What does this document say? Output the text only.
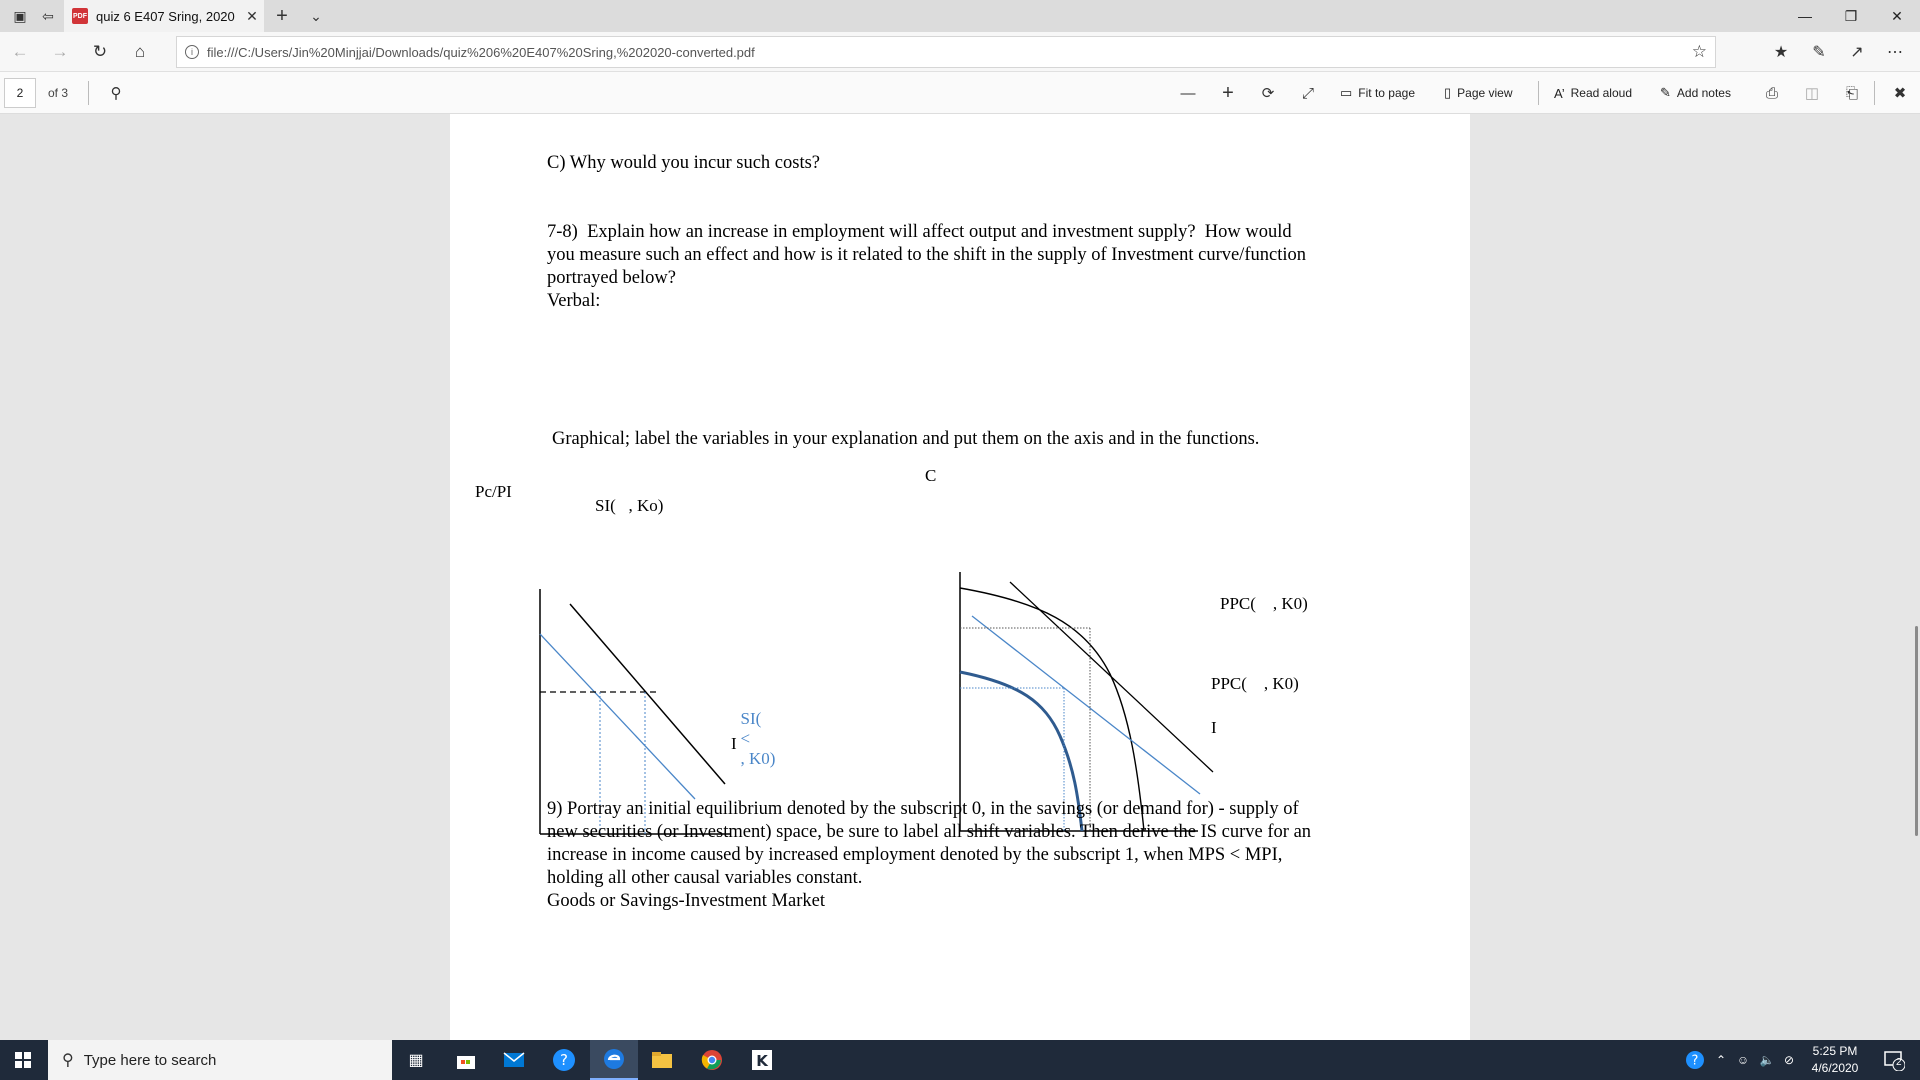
▣	⇦	PDF quiz 6 E407 Sring, 2020 ✕ +	⌄	—	❐	✕
←	→	↻	⌂	i	file:///C:/Users/Jin%20Minjjai/Downloads/quiz%206%20E407%20Sring,%202020-converted.pdf	☆	★	✎	↗	⋯
2	of 3	⚲	—	+	⟳	⤢	▭ Fit to page ▯ Page view	A’ Read aloud ✎ Add notes	⎙	◫	⎗	✖
C) Why would you incur such costs?
7-8)  Explain how an increase in employment will affect output and investment supply?  How would
you measure such an effect and how is it related to the shift in the supply of Investment curve/function
portrayed below?
Verbal:
Graphical; label the variables in your explanation and put them on the axis and in the functions.
Pc/PI
SI(   , Ko)

SI(
<
, K0)

I
C
PPC(    , K0)
PPC(    , K0)
I
9) Portray an initial equilibrium denoted by the subscript 0, in the savings (or demand for) - supply of
new securities (or Investment) space, be sure to label all shift variables. Then derive the IS curve for an
increase in income caused by increased employment denoted by the subscript 1, when MPS < MPI,
holding all other causal variables constant.
Goods or Savings-Investment Market
⚲ Type here to search	▦	?	K	?	⌃ ☺ 🔈 ⊘
5:25 PM
4/6/2020	2
